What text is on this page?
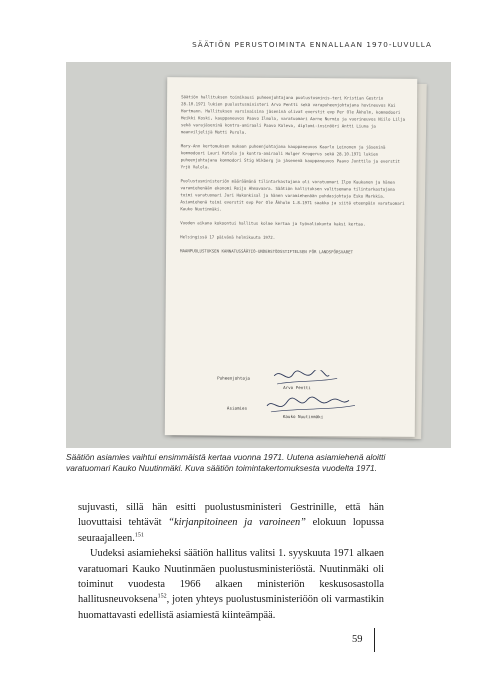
SÄÄTIÖN PERUSTOIMINTA ENNALLAAN 1970-LUVULLA

Säätiön hallituksen toimikausi puheenjohtajana puolustusminis-teri Kristian Gestrin 28.10.1971 lukien puolustusministeri Arvo Pentti sekä varapuheenjohtajana hovineuvos Kai Hartmann. Hallituksen varsinaisina jäseninä olivat everstit evp Per Ole Åkholm, kommodoori Heikki Koski, kauppaneuvos Paavo Ilmola, varatuomari Aarne Nurmio ja vuorineuvos Niilo Lilja sekä varajäseninä kontra-amiraali Paavo Kaleva, diplomi-insinööri Antti Liuna ja maanviljelijä Matti Purola.

Mary-Ann kertomuksen mukaan puheenjohtajana kauppaneuvos Kaarlo Leinonen ja jäseninä kommodoori Lauri Kotola ja kontra-amiraali Holger Krogerus sekä 28.10.1971 lukien puheenjohtajana kommodori Stig Wikberg ja jäsenenä kauppaneuvos Paavo Junttila ja everstit Yrjö Valola.

Puolustusministeriön määräämänä tilintarkastajana oli varatuomari Ilpo Kaukanen ja hänen varamiehenään ekonomi Reijo Ahmavaara. Säätiön hallituksen valitsemana tilintarkastajana toimi varatuomari Jari Hakonkisal ja hänen varamiehenään puhdasjohtaja Esko Markkia. Asiamiehenä toimi everstit evp Per Ole Åkholm 1.8.1971 saakka ja siitä eteenpäin varatuomari Kauko Nuutinmäki.

Vuoden aikana kokoontui hallitus kolme kertaa ja työvaliokunta kaksi kertaa.

Helsingissä 17 päivänä helmikuuta 1972.

MAANPUOLUSTUKSEN KANNATUSSÄÄTIÖ-UNDERSTÖDSSTIFTELSEN FÖR LANDSFÖRSVARET

Puheenjohtaja
Arvo Pentti
Asiamies
Kauko Nuutinmäki
Säätiön asiamies vaihtui ensimmäistä kertaa vuonna 1971. Uutena asiamiehenä aloitti varatuomari Kauko Nuutinmäki. Kuva säätiön toimintakertomuksesta vuodelta 1971.

sujuvasti, sillä hän esitti puolustusministeri Gestrinille, että hän luovuttaisi tehtävät “kirjanpitoineen ja varoineen” elokuun lopussa seuraajalleen.$^{151}$

Uudeksi asiamieheksi säätiön hallitus valitsi 1. syyskuuta 1971 alkaen varatuomari Kauko Nuutinmäen puolustusministeriöstä. Nuutinmäki oli toiminut vuodesta 1966 alkaen ministeriön keskusosastolla hallitusneuvoksena$^{152}$, joten yhteys puolustusministeriöön oli varmastikin huomattavasti edellistä asiamiestä kiinteämpää.

59
